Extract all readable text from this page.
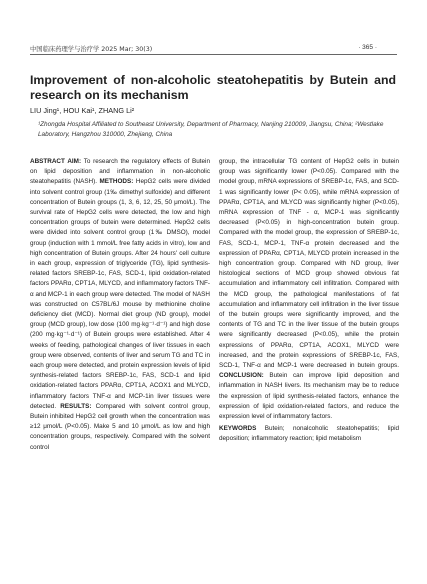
中国临床药理学与治疗学 2025 Mar; 30(3)	· 365 ·
Improvement of non-alcoholic steatohepatitis by Butein and research on its mechanism

LIU Jing¹, HOU Kai¹, ZHANG Li²

¹Zhongda Hospital Affiliated to Southeast University, Department of Pharmacy, Nanjing 210009, Jiangsu, China; ²Westlake Laboratory, Hangzhou 310000, Zhejiang, China

ABSTRACT AIM: To research the regulatory effects of Butein on lipid deposition and inflammation in non-alcoholic steatohepatitis (NASH). METHODS: HepG2 cells were divided into solvent control group (1‰ dimethyl sulfoxide) and different concentration of Butein groups (1, 3, 6, 12, 25, 50 μmol/L). The survival rate of HepG2 cells were detected, the low and high concentration groups of butein were determined. HepG2 cells were divided into solvent control group (1‰ DMSO), model group (induction with 1 mmol/L free fatty acids in vitro), low and high concentration of Butein groups. After 24 hours' cell culture in each group, expression of triglyceride (TG), lipid synthesis-related factors SREBP-1c, FAS, SCD-1, lipid oxidation-related factors PPARα, CPT1A, MLYCD, and inflammatory factors TNF-α and MCP-1 in each group were detected. The model of NASH was constructed on C57BL/6J mouse by methionine choline deficiency diet (MCD). Normal diet group (ND group), model group (MCD group), low dose (100 mg·kg⁻¹·d⁻¹) and high dose (200 mg·kg⁻¹·d⁻¹) of Butein groups were established. After 4 weeks of feeding, pathological changes of liver tissues in each group were observed, contents of liver and serum TG and TC in each group were detected, and protein expression levels of lipid synthesis-related factors SREBP-1c, FAS, SCD-1 and lipid oxidation-related factors PPARα, CPT1A, ACOX1 and MLYCD, inflammatory factors TNF-α and MCP-1in liver tissues were detected. RESULTS: Compared with solvent control group, Butein inhibited HepG2 cell growth when the concentration was ≥12 μmol/L (P<0.05). Make 5 and 10 μmol/L as low and high concentration groups, respectively. Compared with the solvent control
group, the intracellular TG content of HepG2 cells in butein group was significantly lower (P<0.05). Compared with the model group, mRNA expressions of SREBP-1c, FAS, and SCD-1 was significantly lower (P< 0.05), while mRNA expression of PPARα, CPT1A, and MLYCD was significantly higher (P<0.05), mRNA expression of TNF - α, MCP-1 was significantly decreased (P<0.05) in high-concentration butein group. Compared with the model group, the expression of SREBP-1c, FAS, SCD-1, MCP-1, TNF-α protein decreased and the expression of PPARα, CPT1A, MLYCD protein increased in the high concentration group. Compared with ND group, liver histological sections of MCD group showed obvious fat accumulation and inflammatory cell infiltration. Compared with the MCD group, the pathological manifestations of fat accumulation and inflammatory cell infiltration in the liver tissue of the butein groups were significantly improved, and the contents of TG and TC in the liver tissue of the butein groups were significantly decreased (P<0.05), while the protein expressions of PPARα, CPT1A, ACOX1, MLYCD were increased, and the protein expressions of SREBP-1c, FAS, SCD-1, TNF-α and MCP-1 were decreased in butein groups. CONCLUSION: Butein can improve lipid deposition and inflammation in NASH livers. Its mechanism may be to reduce the expression of lipid synthesis-related factors, enhance the expression of lipid oxidation-related factors, and reduce the expression level of inflammatory factors.
KEYWORDS Butein; nonalcoholic steatohepatitis; lipid deposition; inflammatory reaction; lipid metabolism
